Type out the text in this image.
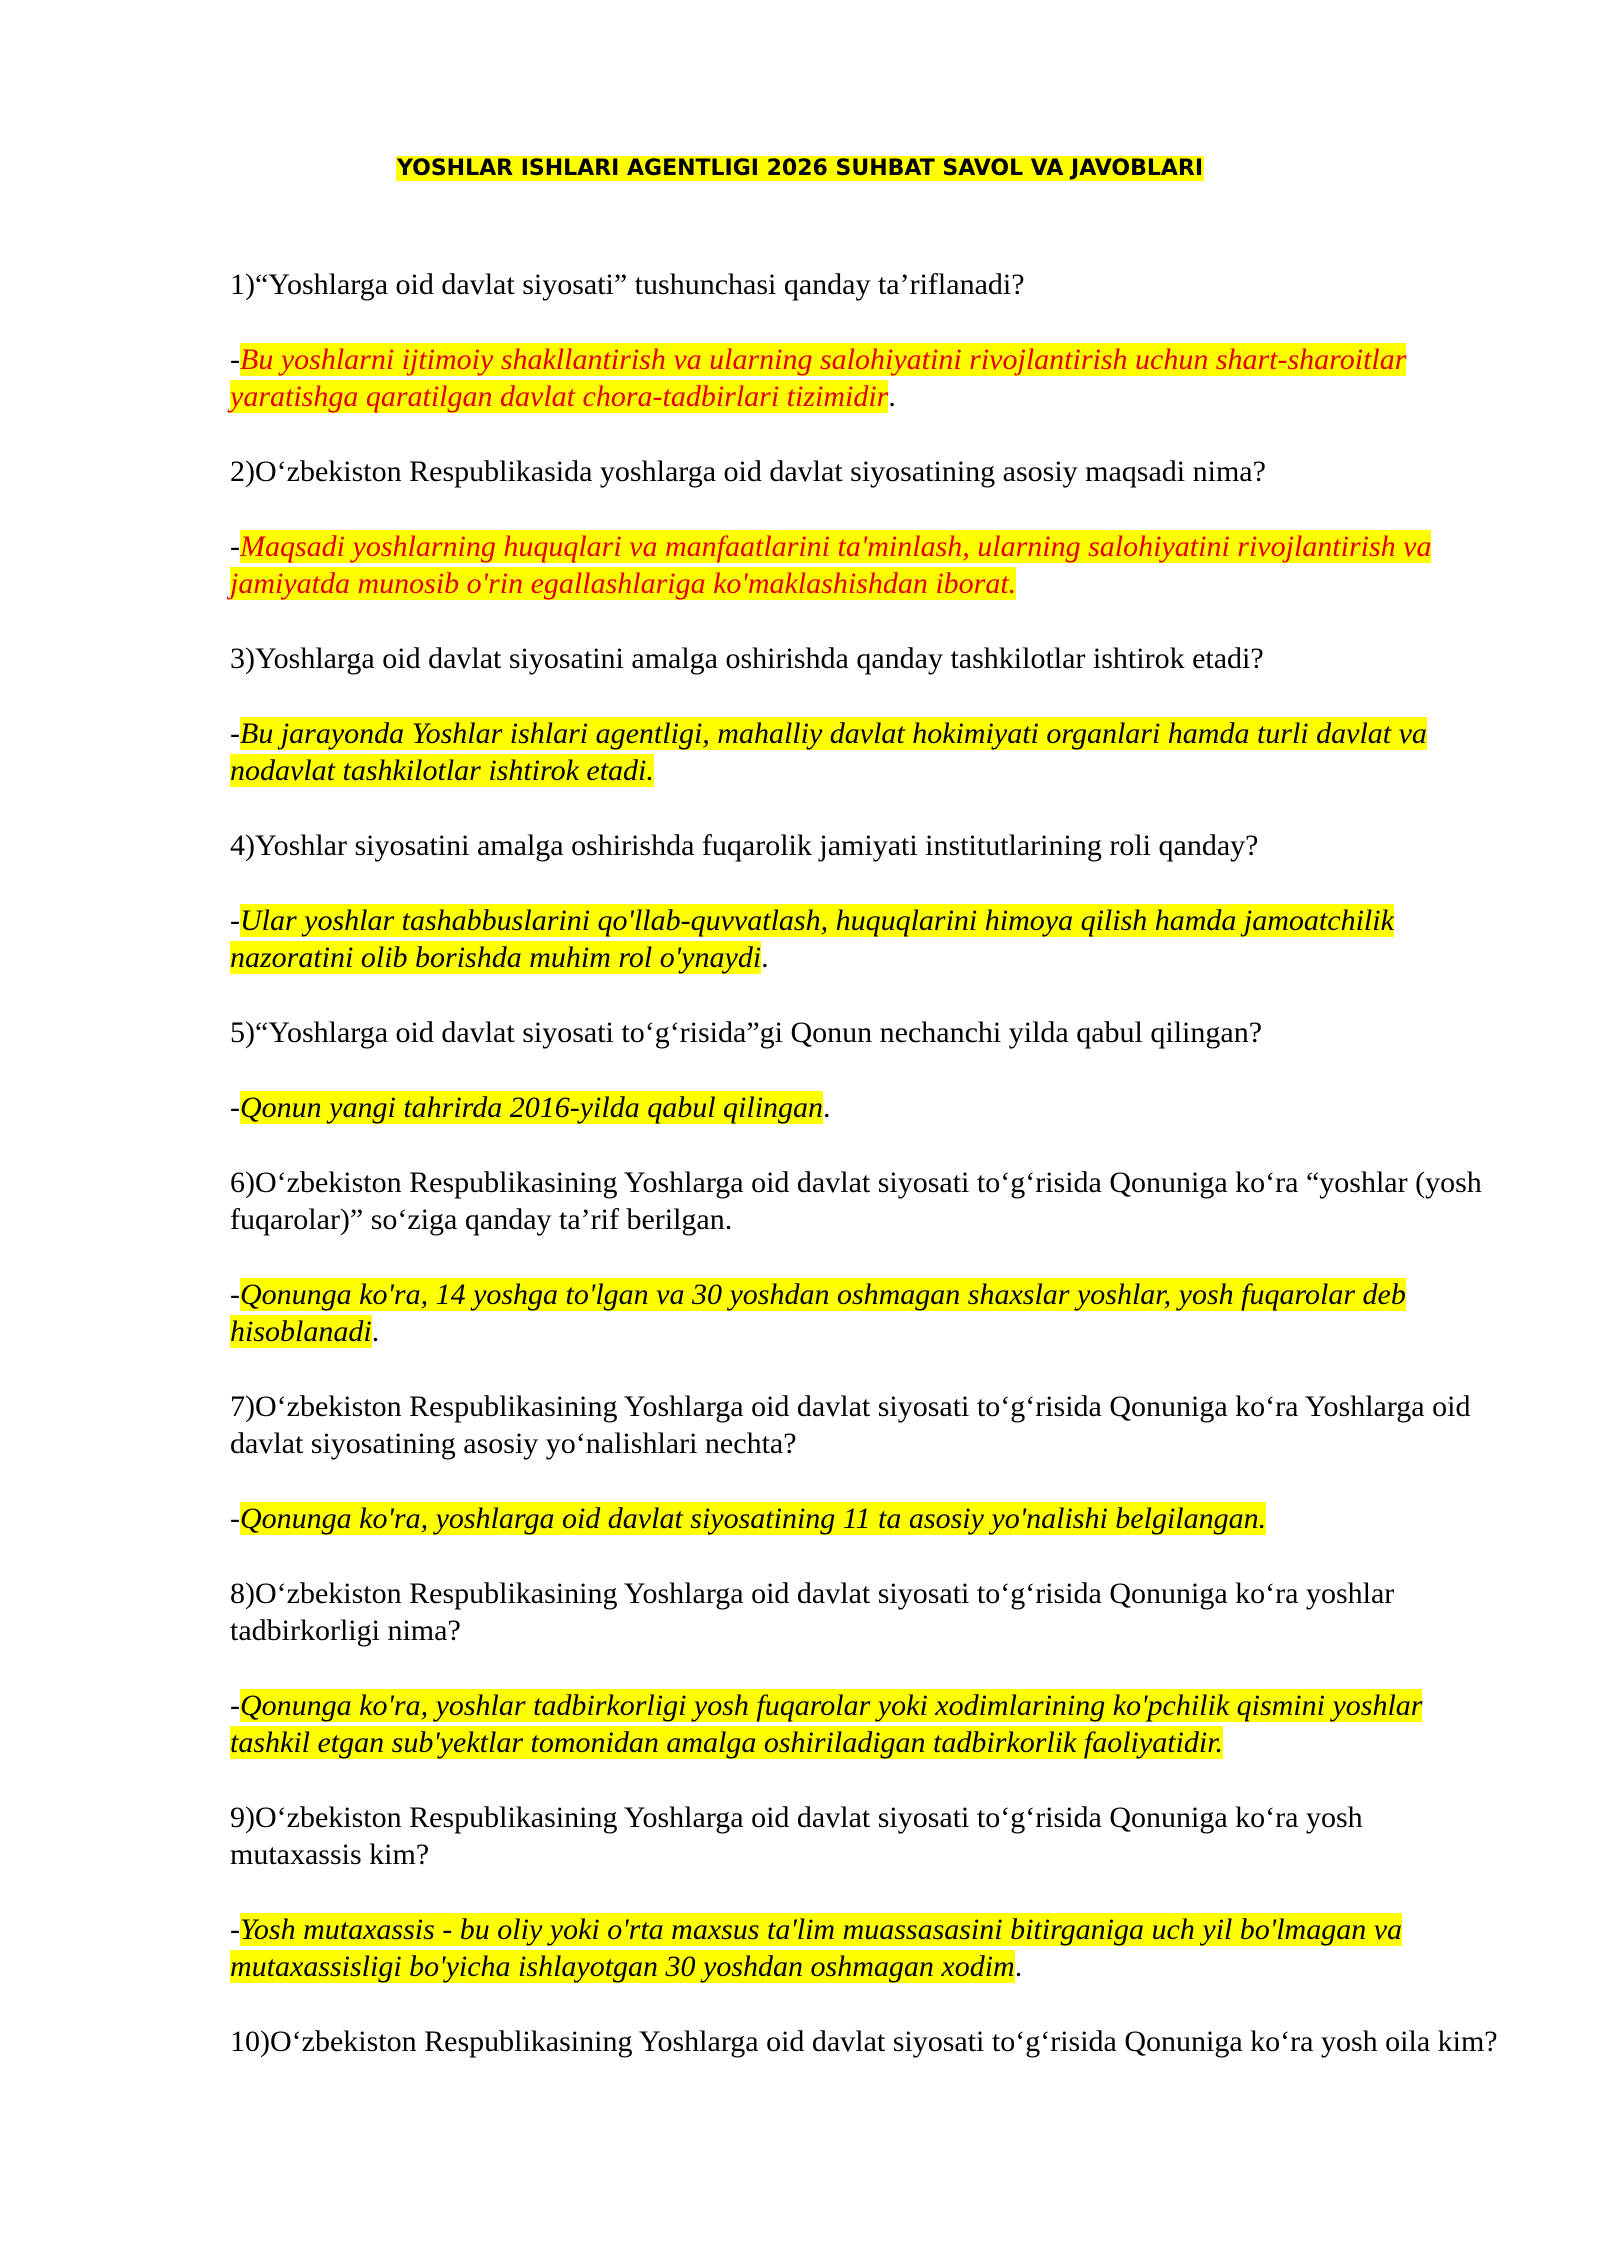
YOSHLAR ISHLARI AGENTLIGI 2026 SUHBAT SAVOL VA JAVOBLARI

1)“Yoshlarga oid davlat siyosati” tushunchasi qanday ta’riflanadi?

-Bu yoshlarni ijtimoiy shakllantirish va ularning salohiyatini rivojlantirish uchun shart-sharoitlar yaratishga qaratilgan davlat chora-tadbirlari tizimidir.

2)O‘zbekiston Respublikasida yoshlarga oid davlat siyosatining asosiy maqsadi nima?

-Maqsadi yoshlarning huquqlari va manfaatlarini ta'minlash, ularning salohiyatini rivojlantirish va jamiyatda munosib o'rin egallashlariga ko'maklashishdan iborat.

3)Yoshlarga oid davlat siyosatini amalga oshirishda qanday tashkilotlar ishtirok etadi?

-Bu jarayonda Yoshlar ishlari agentligi, mahalliy davlat hokimiyati organlari hamda turli davlat va nodavlat tashkilotlar ishtirok etadi.

4)Yoshlar siyosatini amalga oshirishda fuqarolik jamiyati institutlarining roli qanday?

-Ular yoshlar tashabbuslarini qo'llab-quvvatlash, huquqlarini himoya qilish hamda jamoatchilik nazoratini olib borishda muhim rol o'ynaydi.

5)“Yoshlarga oid davlat siyosati to‘g‘risida”gi Qonun nechanchi yilda qabul qilingan?

-Qonun yangi tahrirda 2016-yilda qabul qilingan.

6)O‘zbekiston Respublikasining Yoshlarga oid davlat siyosati to‘g‘risida Qonuniga ko‘ra “yoshlar (yosh fuqarolar)” so‘ziga qanday ta’rif berilgan.

-Qonunga ko'ra, 14 yoshga to'lgan va 30 yoshdan oshmagan shaxslar yoshlar, yosh fuqarolar deb hisoblanadi.

7)O‘zbekiston Respublikasining Yoshlarga oid davlat siyosati to‘g‘risida Qonuniga ko‘ra Yoshlarga oid davlat siyosatining asosiy yo‘nalishlari nechta?

-Qonunga ko'ra, yoshlarga oid davlat siyosatining 11 ta asosiy yo'nalishi belgilangan.

8)O‘zbekiston Respublikasining Yoshlarga oid davlat siyosati to‘g‘risida Qonuniga ko‘ra yoshlar tadbirkorligi nima?

-Qonunga ko'ra, yoshlar tadbirkorligi yosh fuqarolar yoki xodimlarining ko'pchilik qismini yoshlar tashkil etgan sub'yektlar tomonidan amalga oshiriladigan tadbirkorlik faoliyatidir.

9)O‘zbekiston Respublikasining Yoshlarga oid davlat siyosati to‘g‘risida Qonuniga ko‘ra yosh mutaxassis kim?

-Yosh mutaxassis - bu oliy yoki o'rta maxsus ta'lim muassasasini bitirganiga uch yil bo'lmagan va mutaxassisligi bo'yicha ishlayotgan 30 yoshdan oshmagan xodim.

10)O‘zbekiston Respublikasining Yoshlarga oid davlat siyosati to‘g‘risida Qonuniga ko‘ra yosh oila kim?
